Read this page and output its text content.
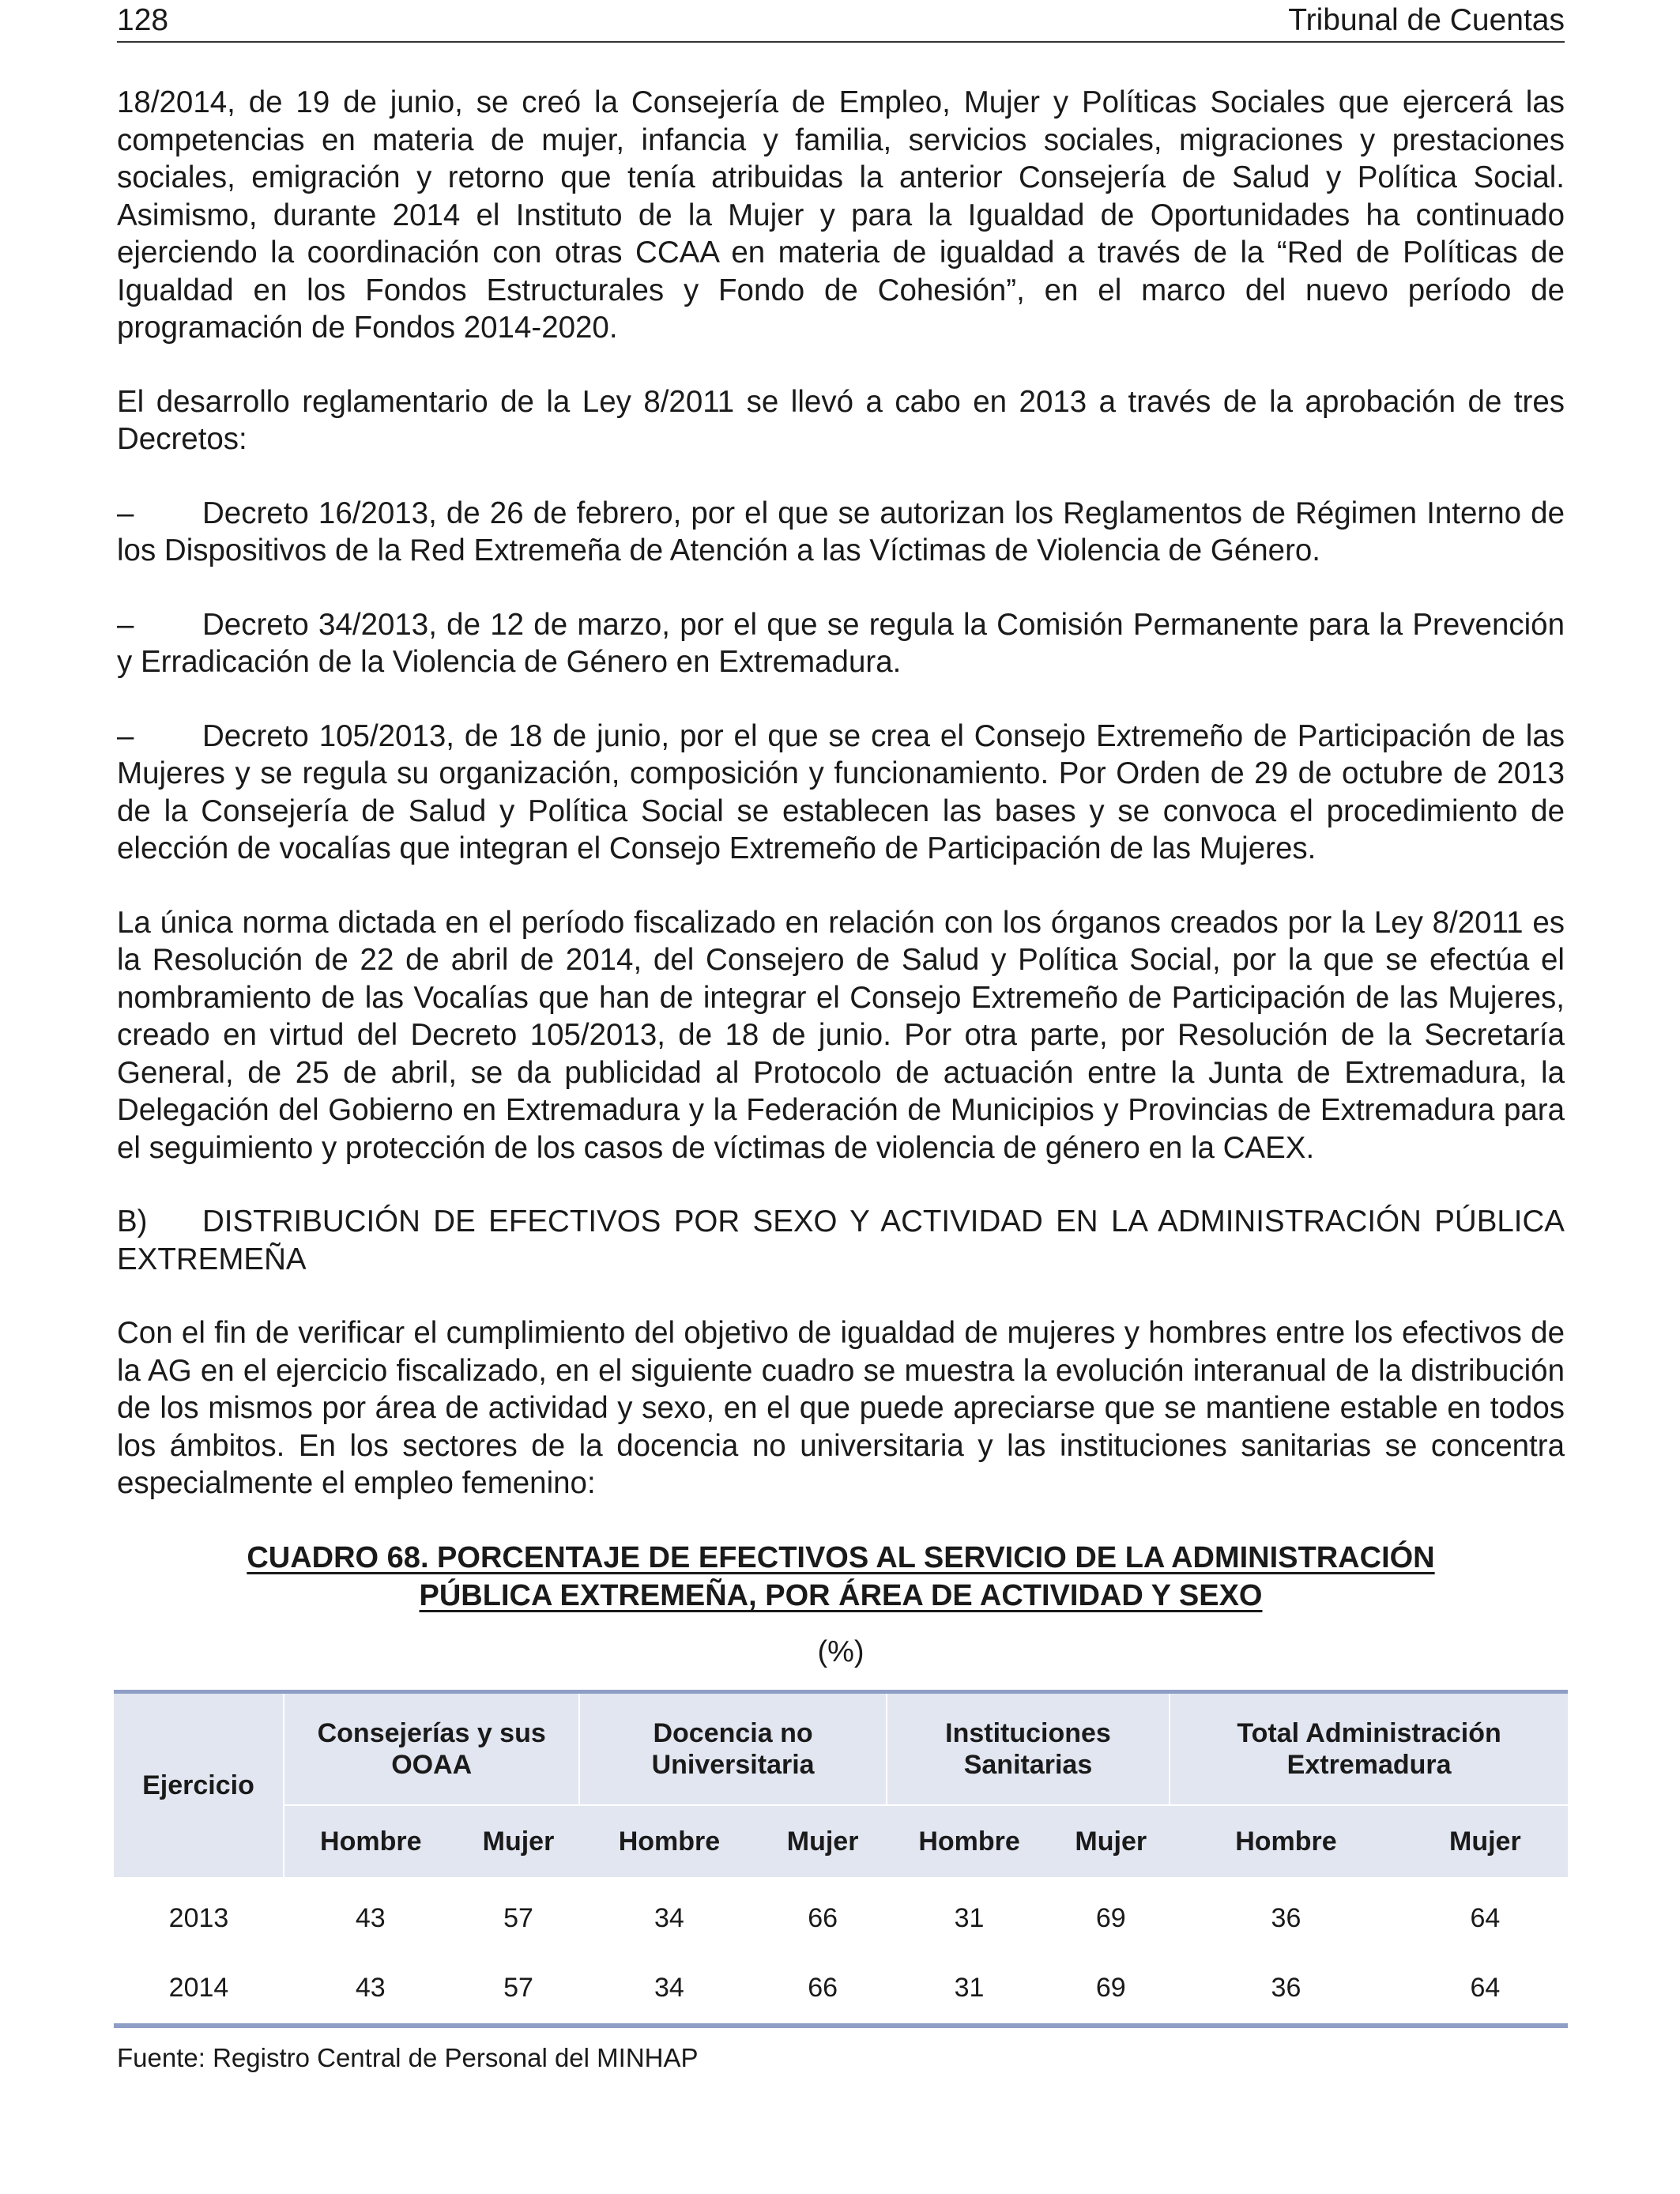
128	Tribunal de Cuentas

18/2014, de 19 de junio, se creó la Consejería de Empleo, Mujer y Políticas Sociales que ejercerá las competencias en materia de mujer, infancia y familia, servicios sociales, migraciones y prestaciones sociales, emigración y retorno que tenía atribuidas la anterior Consejería de Salud y Política Social. Asimismo, durante 2014 el Instituto de la Mujer y para la Igualdad de Oportunidades ha continuado ejerciendo la coordinación con otras CCAA en materia de igualdad a través de la “Red de Políticas de Igualdad en los Fondos Estructurales y Fondo de Cohesión”, en el marco del nuevo período de programación de Fondos 2014-2020.

El desarrollo reglamentario de la Ley 8/2011 se llevó a cabo en 2013 a través de la aprobación de tres Decretos:

– Decreto 16/2013, de 26 de febrero, por el que se autorizan los Reglamentos de Régimen Interno de los Dispositivos de la Red Extremeña de Atención a las Víctimas de Violencia de Género.

– Decreto 34/2013, de 12 de marzo, por el que se regula la Comisión Permanente para la Prevención y Erradicación de la Violencia de Género en Extremadura.

– Decreto 105/2013, de 18 de junio, por el que se crea el Consejo Extremeño de Participación de las Mujeres y se regula su organización, composición y funcionamiento. Por Orden de 29 de octubre de 2013 de la Consejería de Salud y Política Social se establecen las bases y se convoca el procedimiento de elección de vocalías que integran el Consejo Extremeño de Participación de las Mujeres.

La única norma dictada en el período fiscalizado en relación con los órganos creados por la Ley 8/2011 es la Resolución de 22 de abril de 2014, del Consejero de Salud y Política Social, por la que se efectúa el nombramiento de las Vocalías que han de integrar el Consejo Extremeño de Participación de las Mujeres, creado en virtud del Decreto 105/2013, de 18 de junio. Por otra parte, por Resolución de la Secretaría General, de 25 de abril, se da publicidad al Protocolo de actuación entre la Junta de Extremadura, la Delegación del Gobierno en Extremadura y la Federación de Municipios y Provincias de Extremadura para el seguimiento y protección de los casos de víctimas de violencia de género en la CAEX.

B) DISTRIBUCIÓN DE EFECTIVOS POR SEXO Y ACTIVIDAD EN LA ADMINISTRACIÓN PÚBLICA EXTREMEÑA

Con el fin de verificar el cumplimiento del objetivo de igualdad de mujeres y hombres entre los efectivos de la AG en el ejercicio fiscalizado, en el siguiente cuadro se muestra la evolución interanual de la distribución de los mismos por área de actividad y sexo, en el que puede apreciarse que se mantiene estable en todos los ámbitos. En los sectores de la docencia no universitaria y las instituciones sanitarias se concentra especialmente el empleo femenino:

CUADRO 68. PORCENTAJE DE EFECTIVOS AL SERVICIO DE LA ADMINISTRACIÓN
PÚBLICA EXTREMEÑA, POR ÁREA DE ACTIVIDAD Y SEXO
(%)
Ejercicio	Consejerías y sus OOAA		Docencia no Universitaria		Instituciones Sanitarias		Total Administración Extremadura	
	Hombre	Mujer	Hombre	Mujer	Hombre	Mujer	Hombre	Mujer
2013	43	57	34	66	31	69	36	64
2014	43	57	34	66	31	69	36	64
Fuente: Registro Central de Personal del MINHAP
